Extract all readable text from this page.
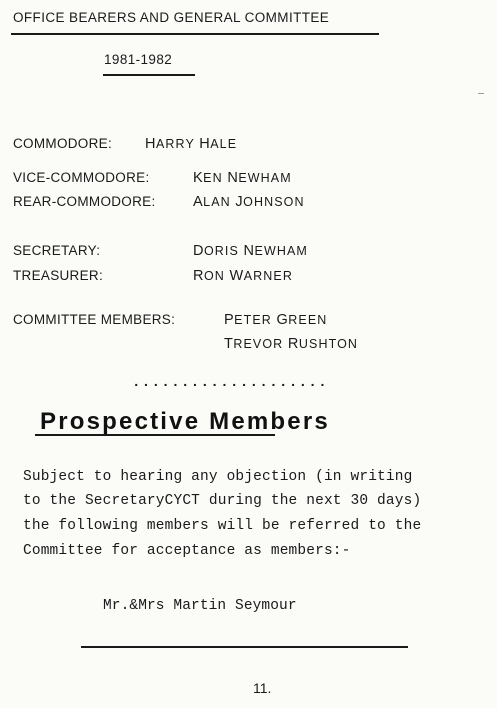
OFFICE BEARERS AND GENERAL COMMITTEE
1981-1982
COMMODORE: HARRY HALE
VICE-COMMODORE:	KEN NEWHAM
REAR-COMMODORE:	ALAN JOHNSON
SECRETARY:	DORIS NEWHAM
TREASURER:	RON WARNER
COMMITTEE MEMBERS:	PETER GREEN
TREVOR RUSHTON
....................
Prospective Members
Subject to hearing any objection (in writing
to the SecretaryCYCT during the next 30 days)
the following members will be referred to the
Committee for acceptance as members:-
Mr.&Mrs Martin Seymour
11.
